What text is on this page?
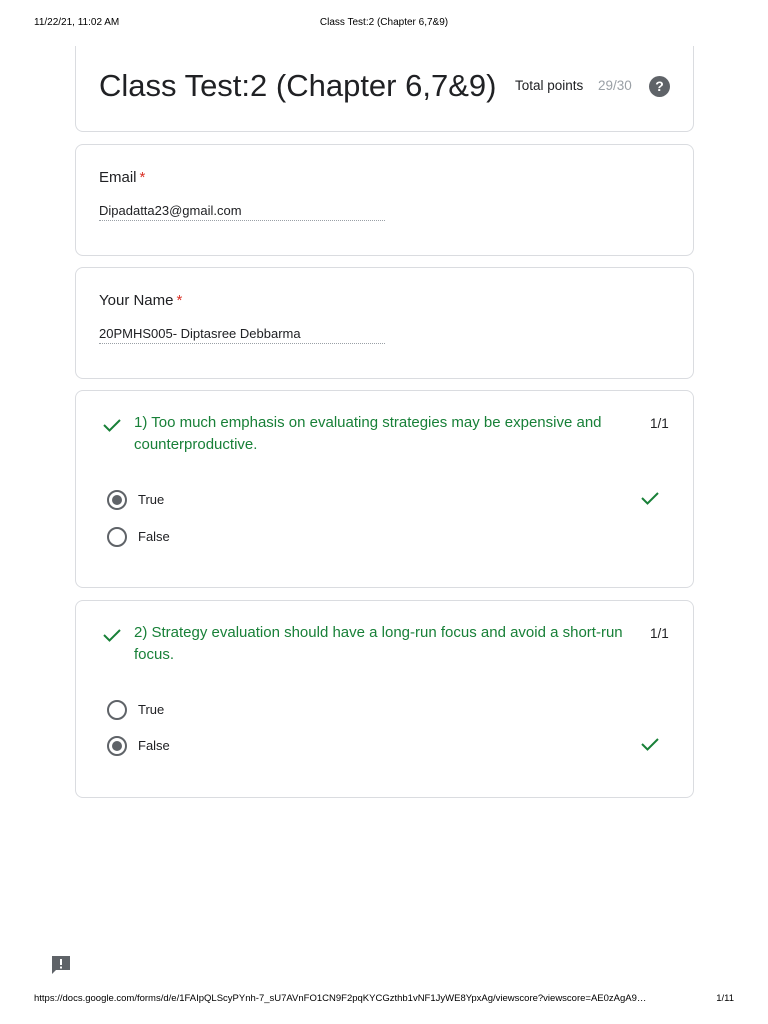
11/22/21, 11:02 AM	Class Test:2 (Chapter 6,7&9)
Class Test:2 (Chapter 6,7&9) Total points 29/30	?
Email *
Dipadatta23@gmail.com
Your Name *
20PMHS005- Diptasree Debbarma
1) Too much emphasis on evaluating strategies may be expensive and counterproductive.
1/1
True
False
2) Strategy evaluation should have a long-run focus and avoid a short-run focus.
1/1
True
False
https://docs.google.com/forms/d/e/1FAIpQLScyPYnh-7_sU7AVnFO1CN9F2pqKYCGzthb1vNF1JyWE8YpxAg/viewscore?viewscore=AE0zAgA9…	1/11
